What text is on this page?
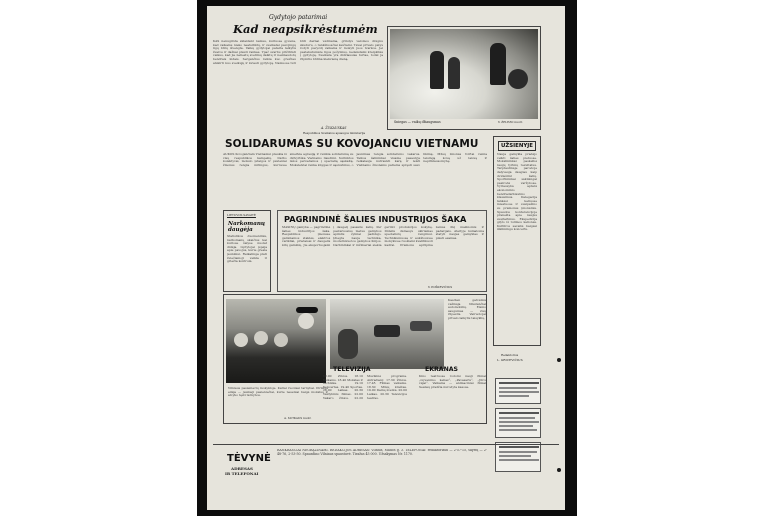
Gydytojo patarimai
Kad neapsikrėstumėm
KAS nenugirsta sklaidant namus, kuriuose gyvena, kad vaikams nieko neatsitiktų, ir sveikatai pavojingų ligų būtų išvengta. Vaikų gydytojai pataria laikytis švaros ir dažnai plauti rankas. Ypač svarbu prižiūrėti vaikus, kad jie neliestų svetimų daiktų ir nesinaudotų bendrais indais. Sergančius reikia kuo greičiau atskirti nuo sveikųjų ir kviesti gydytoją. Namuose turi būti dažnai vėdinama, grindys valomos drėgnu skuduru, o rankšluosčiai keičiami. Tėvai privalo patys rodyti pavyzdį vaikams ir mokyti juos tvarkos. Jei pastebėtumėte ligos požymius, nedelsdami kreipkitės į gydytoją. Sveikata yra didžiausias turtas, todėl ja rūpintis būtina kiekvieną dieną.
A. ŽUKAUSKAS
Respublikos Sveikatos apsaugos ministerija
Sniegas — vaikų džiaugsmas	V. ŽELEZO nuotr.
SOLIDARUMAS SU KOVOJANČIU VIETNAMU
AUKOS Kovojančiam Vietnamui plaukia iš visų respublikos kampelių. Darbo kolektyvai, mokslo įstaigos ir pavieniai žmonės rengia mitingus, kuriuose smerkia agresiją ir reiškia solidarumą su didvyriška Vietnamo liaudimi. Surinktos lėšos pervedamos į specialią sąskaitą. Moksleiviai renka knygas ir sąsiuvinius, o jaunimas rengia solidarumo vakarus. Taikos šalininkai visame pasaulyje reikalauja nutraukti karą ir leisti Vietnamo žmonėms patiems spręsti savo likimą. Mūsų žmonės tvirtai remia teisingą kovą už laisvę ir nepriklausomybę.
UŽSIENYJE
Nauja gamykla pradėjo veikti šalies pietuose. Mokslininkai paskelbė naujų tyrimų rezultatus. Tarptautinėje parodoje dalyvauja daugiau kaip dvidešimt šalių. Sportininkai sėkmingai pasirodė varžybose. Vyriausybė aptarė ekonominio bendradarbiavimo klausimus. Delegacija lankėsi keliuose miestuose ir susipažino su pramonės įmonėmis. Spaudos konferencijoje pranešta apie naujus susitarimus. Ekspedicija grįžo iš tolimos kelionės. Kultūros savaitė baigėsi iškilmingu koncertu.
LIETUVOS SAVAITĖ
Narkomanų daugėja
Statistikos duomenimis, narkomanų skaičius kai kuriose šalyse nuolat didėja. Gydytojai įspėja apie pavojus, kurie gresia jaunimui. Reikalinga plati šviečiamoji veikla ir griežta kontrolė.
PAGRINDINĖ ŠALIES INDUSTRIJOS ŠAKA
MAŠINŲ gamyba — pagrindinė šalies industrijos šaka. Respublikos įmonėse gaminamos staklės, elektros varikliai, prietaisai ir daugelis kitų gaminių. Jie eksportuojami į daugelį pasaulio šalių. Per pastaruosius metus gamybos apimtis žymiai padidėjo. Įdiegta nauja technika, modernizuotos gamybos linijos. Darbininkai ir inžinieriai siekia gerinti produkcijos kokybę. Didelis dėmesys skiriamas specialistų rengimui. Technikumuose ir aukštosiose mokyklose ruošiami kvalifikuoti kadrai. Pramonė aprūpina žemės ūkį mašinomis ir padargais. Ateityje numatoma statyti naujas gamyklas ir plėsti esamas.
V. POŠKEVIČIUS
Kasdien gatvėmis važinėja tūkstančiai automobilių. Eismo saugumas — visų rūpestis. Vairuotojai privalo laikytis taisyklių.
Vilniaus pasieniečių mokykloje. Kariai ruošiasi tarnybai. Pirmoje eilėje — jaunieji pasieniečiai, kurie neseniai baigė mokslus ir atvyko tęsti tarnybos.
A. SUTKAUS nuotr.
TELEVIZIJA
18.00 Žinios. 18.10 Vaikams. 18.40 Mokslas ir technika. 19.10 Koncertas. 19.40 Sportas. 20.00 Laikas. 20.30 Vaidybinis filmas. 22.00 Vakaro žinios. 22.20 Muzikinė programa. Antradienį: 17.30 Žinios. 17.45 Filmas vaikams. 18.30 Mūsų kraštas. 19.00 Dainų šventė. 20.00 Laikas. 20.30 Televizijos teatras.
EKRANAS
Kino teatruose rodomi nauji filmai: „Gyvenimo kelias“, „Pavasaris“, „Jūros vėjai“. Vaikams — animaciniai filmai. Seansų pradžia nurodyta kasose.
Redaktorius
L. GRICEVIČIUS
TĖVYNĖ
ADRESAS
IR TELEFONAI
RANKRAŠČIAI NEGRĄŽINAMI. REDAKCIJOS ADRESAS: Vilnius, Mildos g. 3. TELEFONAI: redaktoriaus — 2-57-15, skyrių — 2-48-76, 2-53-50. Spausdino Vilniaus spaustuvė. Tiražas 45 000. Užsakymas Nr. 1170.
